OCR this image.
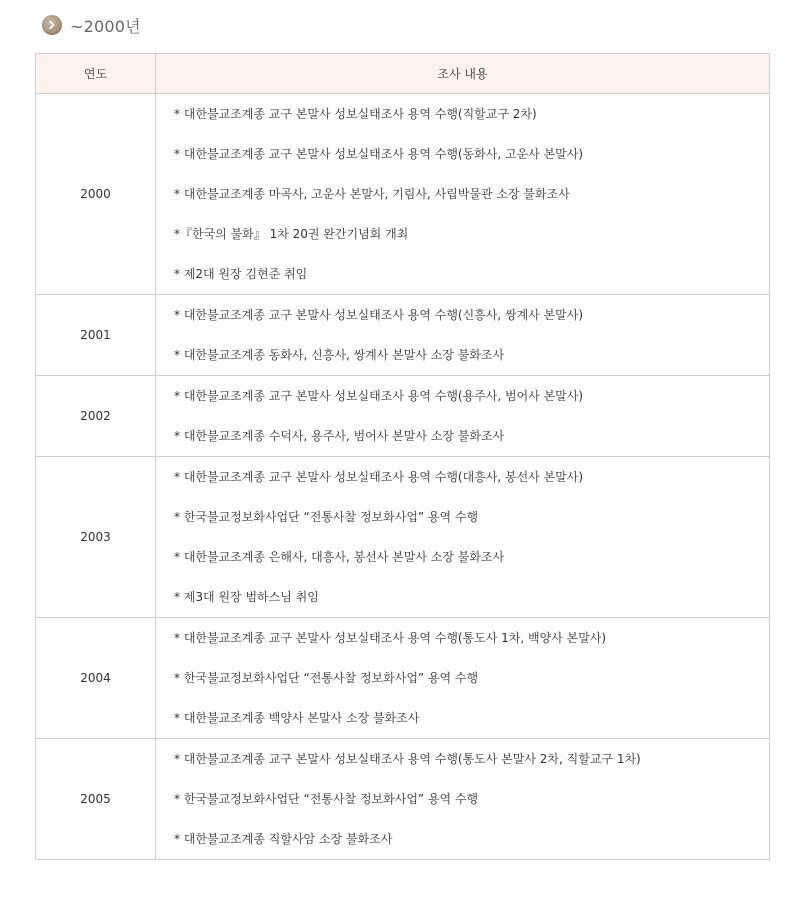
~2000년
연도	조사 내용
2000	* 대한불교조계종 교구 본말사 성보실태조사 용역 수행(직할교구 2차)
* 대한불교조계종 교구 본말사 성보실태조사 용역 수행(동화사, 고운사 본말사)
* 대한불교조계종 마곡사, 고운사 본말사, 기림사, 사립박물관 소장 불화조사
*『한국의 불화』 1차 20권 완간기념회 개최
* 제2대 원장 김현준 취임

2001	* 대한불교조계종 교구 본말사 성보실태조사 용역 수행(신흥사, 쌍계사 본말사)
* 대한불교조계종 동화사, 신흥사, 쌍계사 본말사 소장 불화조사

2002	* 대한불교조계종 교구 본말사 성보실태조사 용역 수행(용주사, 범어사 본말사)
* 대한불교조계종 수덕사, 용주사, 범어사 본말사 소장 불화조사

2003	* 대한불교조계종 교구 본말사 성보실태조사 용역 수행(대흥사, 봉선사 본말사)
* 한국불교정보화사업단 “전통사찰 정보화사업” 용역 수행
* 대한불교조계종 은해사, 대흥사, 봉선사 본말사 소장 불화조사
* 제3대 원장 범하스님 취임

2004	* 대한불교조계종 교구 본말사 성보실태조사 용역 수행(통도사 1차, 백양사 본말사)
* 한국불교정보화사업단 “전통사찰 정보화사업” 용역 수행
* 대한불교조계종 백양사 본말사 소장 불화조사

2005	* 대한불교조계종 교구 본말사 성보실태조사 용역 수행(통도사 본말사 2차, 직할교구 1차)
* 한국불교정보화사업단 “전통사찰 정보화사업” 용역 수행
* 대한불교조계종 직할사암 소장 불화조사
